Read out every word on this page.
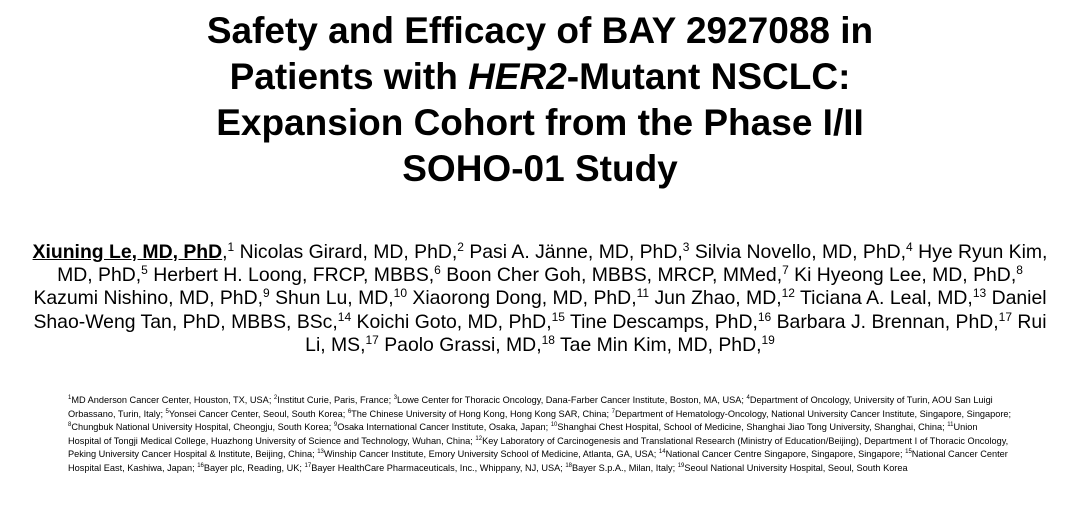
Safety and Efficacy of BAY 2927088 in
Patients with HER2-Mutant NSCLC:
Expansion Cohort from the Phase I/II
SOHO-01 Study

Xiuning Le, MD, PhD,$^1$ Nicolas Girard, MD, PhD,$^2$ Pasi A. Jänne, MD, PhD,$^3$ Silvia Novello, MD, PhD,$^4$ Hye Ryun Kim, MD, PhD,$^5$ Herbert H. Loong, FRCP, MBBS,$^6$ Boon Cher Goh, MBBS, MRCP, MMed,$^7$ Ki Hyeong Lee, MD, PhD,$^8$ Kazumi Nishino, MD, PhD,$^9$ Shun Lu, MD,$^{10}$ Xiaorong Dong, MD, PhD,$^{11}$ Jun Zhao, MD,$^{12}$ Ticiana A. Leal, MD,$^{13}$ Daniel Shao-Weng Tan, PhD, MBBS, BSc,$^{14}$ Koichi Goto, MD, PhD,$^{15}$ Tine Descamps, PhD,$^{16}$ Barbara J. Brennan, PhD,$^{17}$ Rui Li, MS,$^{17}$ Paolo Grassi, MD,$^{18}$ Tae Min Kim, MD, PhD,$^{19}$

$^1$MD Anderson Cancer Center, Houston, TX, USA; $^2$Institut Curie, Paris, France; $^3$Lowe Center for Thoracic Oncology, Dana-Farber Cancer Institute, Boston, MA, USA; $^4$Department of Oncology, University of Turin, AOU San Luigi Orbassano, Turin, Italy; $^5$Yonsei Cancer Center, Seoul, South Korea; $^6$The Chinese University of Hong Kong, Hong Kong SAR, China; $^7$Department of Hematology-Oncology, National University Cancer Institute, Singapore, Singapore; $^8$Chungbuk National University Hospital, Cheongju, South Korea; $^9$Osaka International Cancer Institute, Osaka, Japan; $^{10}$Shanghai Chest Hospital, School of Medicine, Shanghai Jiao Tong University, Shanghai, China; $^{11}$Union Hospital of Tongji Medical College, Huazhong University of Science and Technology, Wuhan, China; $^{12}$Key Laboratory of Carcinogenesis and Translational Research (Ministry of Education/Beijing), Department I of Thoracic Oncology, Peking University Cancer Hospital & Institute, Beijing, China; $^{13}$Winship Cancer Institute, Emory University School of Medicine, Atlanta, GA, USA; $^{14}$National Cancer Centre Singapore, Singapore, Singapore; $^{15}$National Cancer Center Hospital East, Kashiwa, Japan; $^{16}$Bayer plc, Reading, UK; $^{17}$Bayer HealthCare Pharmaceuticals, Inc., Whippany, NJ, USA; $^{18}$Bayer S.p.A., Milan, Italy; $^{19}$Seoul National University Hospital, Seoul, South Korea
